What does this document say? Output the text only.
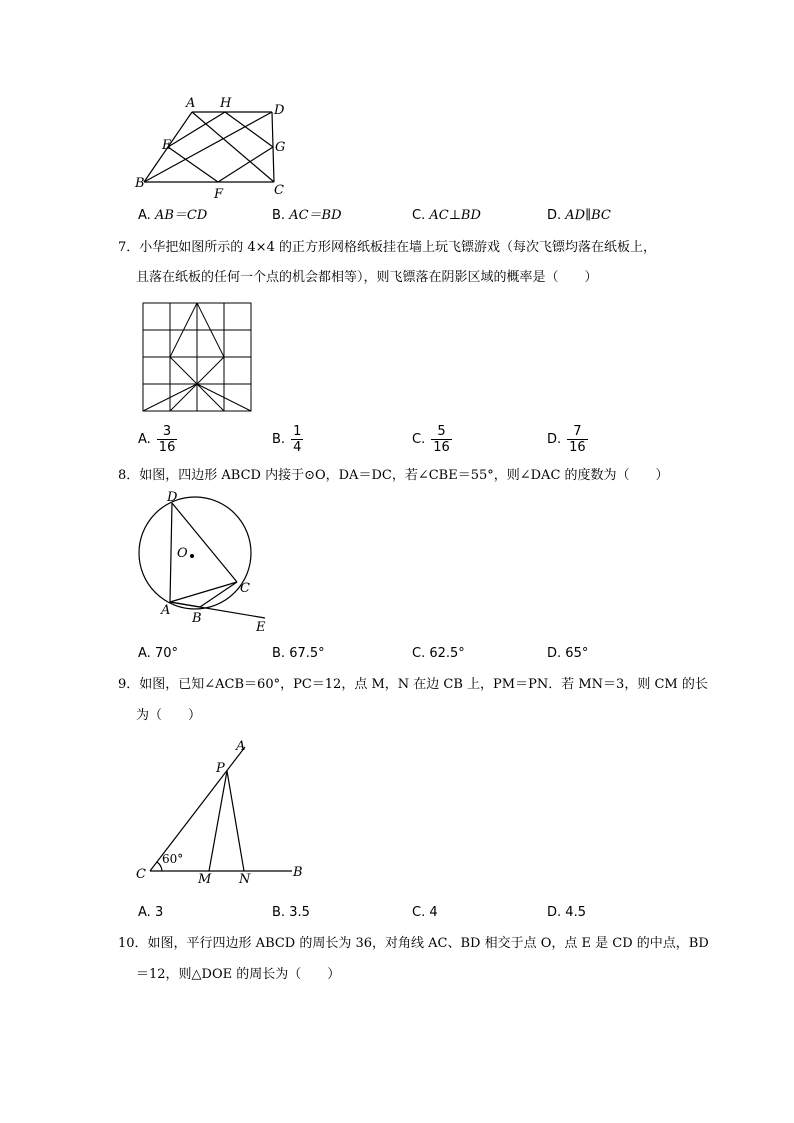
A H	D
E	G
B
F	C
A. AB＝CD	B. AC＝BD	C. AC⊥BD	D. AD∥BC
7．小华把如图所示的 4×4 的正方形网格纸板挂在墙上玩飞镖游戏（每次飞镖均落在纸板上，
且落在纸板的任何一个点的机会都相等），则飞镖落在阴影区域的概率是（　　）
A. $\frac{3}{16}$	B. $\frac{1}{4}$	C. $\frac{5}{16}$	D. $\frac{7}{16}$
8．如图，四边形 ABCD 内接于⊙O，DA＝DC，若∠CBE＝55°，则∠DAC 的度数为（　　）
D
O
C
A
B
E
A. 70°	B. 67.5°	C. 62.5°	D. 65°
9．如图，已知∠ACB＝60°，PC＝12，点 M，N 在边 CB 上，PM＝PN．若 MN＝3，则 CM 的长
为（　　）
A
P
C	M N	B
60°
A. 3	B. 3.5	C. 4	D. 4.5
10．如图，平行四边形 ABCD 的周长为 36，对角线 AC、BD 相交于点 O，点 E 是 CD 的中点，BD
＝12，则△DOE 的周长为（　　）
